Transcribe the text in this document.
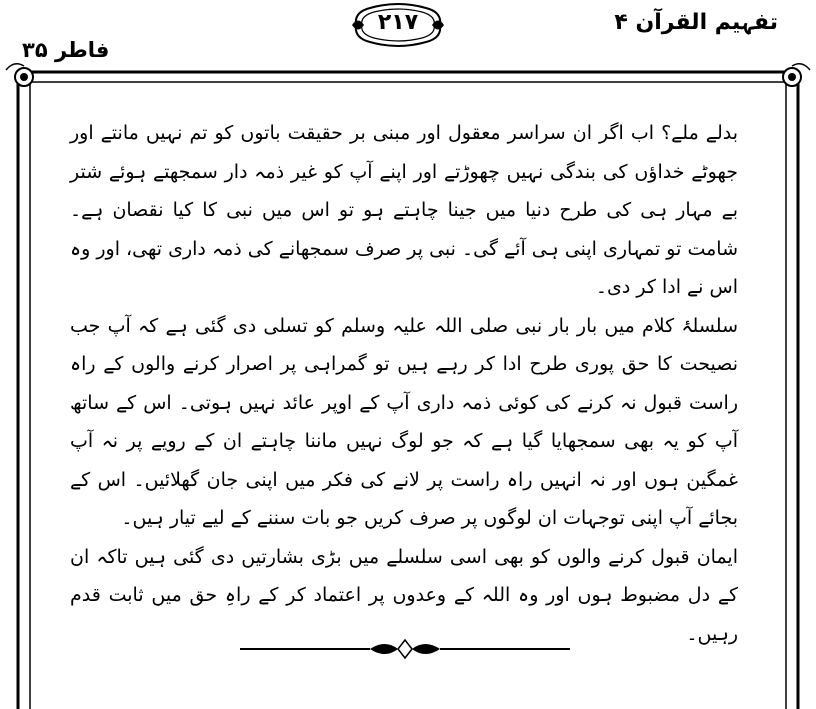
تفہیم القرآن ۴
فاطر ۳۵
۲۱۷

بدلے ملے؟ اب اگر ان سراسر معقول اور مبنی بر حقیقت باتوں کو تم نہیں مانتے اور جھوٹے خداؤں کی بندگی نہیں چھوڑتے اور اپنے آپ کو غیر ذمہ دار سمجھتے ہوئے شتر بے مہار ہی کی طرح دنیا میں جینا چاہتے ہو تو اس میں نبی کا کیا نقصان ہے۔ شامت تو تمہاری اپنی ہی آئے گی۔ نبی پر صرف سمجھانے کی ذمہ داری تھی، اور وہ اس نے ادا کر دی۔

سلسلۂ کلام میں بار بار نبی صلی اللہ علیہ وسلم کو تسلی دی گئی ہے کہ آپ جب نصیحت کا حق پوری طرح ادا کر رہے ہیں تو گمراہی پر اصرار کرنے والوں کے راہ راست قبول نہ کرنے کی کوئی ذمہ داری آپ کے اوپر عائد نہیں ہوتی۔ اس کے ساتھ آپ کو یہ بھی سمجھایا گیا ہے کہ جو لوگ نہیں ماننا چاہتے ان کے رویے پر نہ آپ غمگین ہوں اور نہ انہیں راہ راست پر لانے کی فکر میں اپنی جان گھلائیں۔ اس کے بجائے آپ اپنی توجہات ان لوگوں پر صرف کریں جو بات سننے کے لیے تیار ہیں۔

ایمان قبول کرنے والوں کو بھی اسی سلسلے میں بڑی بشارتیں دی گئی ہیں تاکہ ان کے دل مضبوط ہوں اور وہ اللہ کے وعدوں پر اعتماد کر کے راہِ حق میں ثابت قدم رہیں۔
